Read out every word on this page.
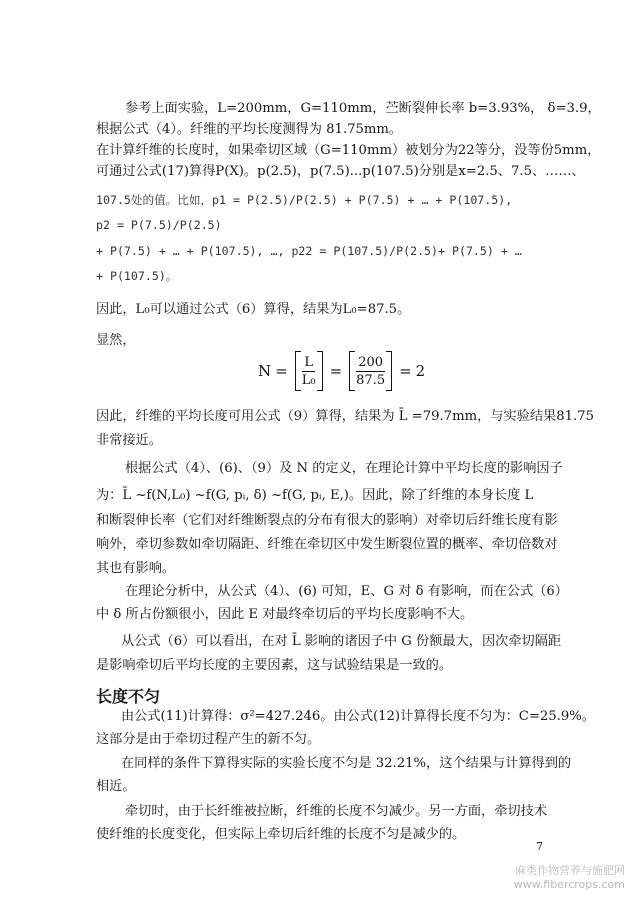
参考上面实验，L=200mm，G=110mm，苎断裂伸长率 b=3.93%， δ=3.9，
根据公式（4）。纤维的平均长度测得为 81.75mm。
在计算纤维的长度时，如果牵切区域（G=110mm）被划分为22等分，没等份5mm，
可通过公式(17)算得P(X)。p(2.5)，p(7.5)...p(107.5)分别是x=2.5、7.5、……、
107.5处的值。比如，p1 = P(2.5)/P(2.5) + P(7.5) + … + P(107.5),
p2 = P(7.5)/P(2.5)
+ P(7.5) + … + P(107.5), …, p22 = P(107.5)/P(2.5)+ P(7.5) + …
+ P(107.5)。
因此，L₀可以通过公式（6）算得，结果为L₀=87.5。
显然，
$N = \frac{L}{\text{L₀}} = \frac{200}{87.5} = 2$
因此，纤维的平均长度可用公式（9）算得，结果为 L̄ =79.7mm，与实验结果81.75
非常接近。
根据公式（4）、(6)、（9）及 N 的定义，在理论计算中平均长度的影响因子
为：L̄ ~f(N,L₀) ~f(G, pᵢ, δ) ~f(G, pᵢ, E,)。因此，除了纤维的本身长度 L
和断裂伸长率（它们对纤维断裂点的分布有很大的影响）对牵切后纤维长度有影
响外，牵切参数如牵切隔距、纤维在牵切区中发生断裂位置的概率、牵切倍数对
其也有影响。
在理论分析中，从公式（4）、(6) 可知，E、G 对 δ 有影响，而在公式（6）
中 δ 所占份额很小，因此 E 对最终牵切后的平均长度影响不大。
从公式（6）可以看出，在对 L̄ 影响的诸因子中 G 份额最大，因次牵切隔距
是影响牵切后平均长度的主要因素，这与试验结果是一致的。
长度不匀
由公式(11)计算得：σ²=427.246。由公式(12)计算得长度不匀为：C=25.9%。
这部分是由于牵切过程产生的新不匀。
在同样的条件下算得实际的实验长度不匀是 32.21%，这个结果与计算得到的
相近。
牵切时，由于长纤维被拉断，纤维的长度不匀减少。另一方面，牵切技术
使纤维的长度变化，但实际上牵切后纤维的长度不匀是减少的。
7
麻类作物营养与施肥网
www.fibercrops.com
